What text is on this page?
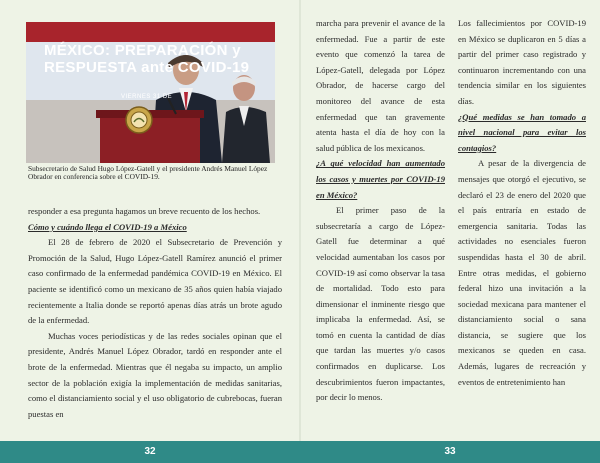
MÉXICO: PREPARACIÓN y
RESPUESTA ante COVID-19
VIERNES 31 DE
Subsecretario de Salud Hugo López-Gatell y el presidente Andrés Manuel López Obrador en conferencia sobre el COVID-19.

responder a esa pregunta hagamos un breve recuento de los hechos.

Cómo y cuándo llega el COVID-19 a México

El 28 de febrero de 2020 el Subsecretario de Prevención y Promoción de la Salud, Hugo López-Gatell Ramírez anunció el primer caso confirmado de la enfermedad pandémica COVID-19 en México. El paciente se identificó como un mexicano de 35 años quien había viajado recientemente a Italia donde se reportó apenas días atrás un brote agudo de la enfermedad.

Muchas voces periodísticas y de las redes sociales opinan que el presidente, Andrés Manuel López Obrador, tardó en responder ante el brote de la enfermedad. Mientras que él negaba su impacto, un amplio sector de la población exigía la implementación de medidas sanitarias, como el distanciamiento social y el uso obligatorio de cubrebocas, fueran puestas en

marcha para prevenir el avance de la enfermedad. Fue a partir de este evento que comenzó la tarea de López-Gatell, delegada por López Obrador, de hacerse cargo del monitoreo del avance de esta enfermedad que tan gravemente atenta hasta el día de hoy con la salud pública de los mexicanos.

¿A qué velocidad han aumentado los casos y muertes por COVID-19 en México?

El primer paso de la subsecretaría a cargo de López-Gatell fue determinar a qué velocidad aumentaban los casos por COVID-19 así como observar la tasa de mortalidad. Todo esto para dimensionar el inminente riesgo que implicaba la enfermedad. Así, se tomó en cuenta la cantidad de días que tardan las muertes y/o casos confirmados en duplicarse. Los descubrimientos fueron impactantes, por decir lo menos.

Los fallecimientos por COVID-19 en México se duplicaron en 5 días a partir del primer caso registrado y continuaron incrementando con una tendencia similar en los siguientes días.

¿Qué medidas se han tomado a nivel nacional para evitar los contagios?

A pesar de la divergencia de mensajes que otorgó el ejecutivo, se declaró el 23 de enero del 2020 que el país entraría en estado de emergencia sanitaria. Todas las actividades no esenciales fueron suspendidas hasta el 30 de abril. Entre otras medidas, el gobierno federal hizo una invitación a la sociedad mexicana para mantener el distanciamiento social o sana distancia, se sugiere que los mexicanos se queden en casa. Además, lugares de recreación y eventos de entretenimiento han

32	33
